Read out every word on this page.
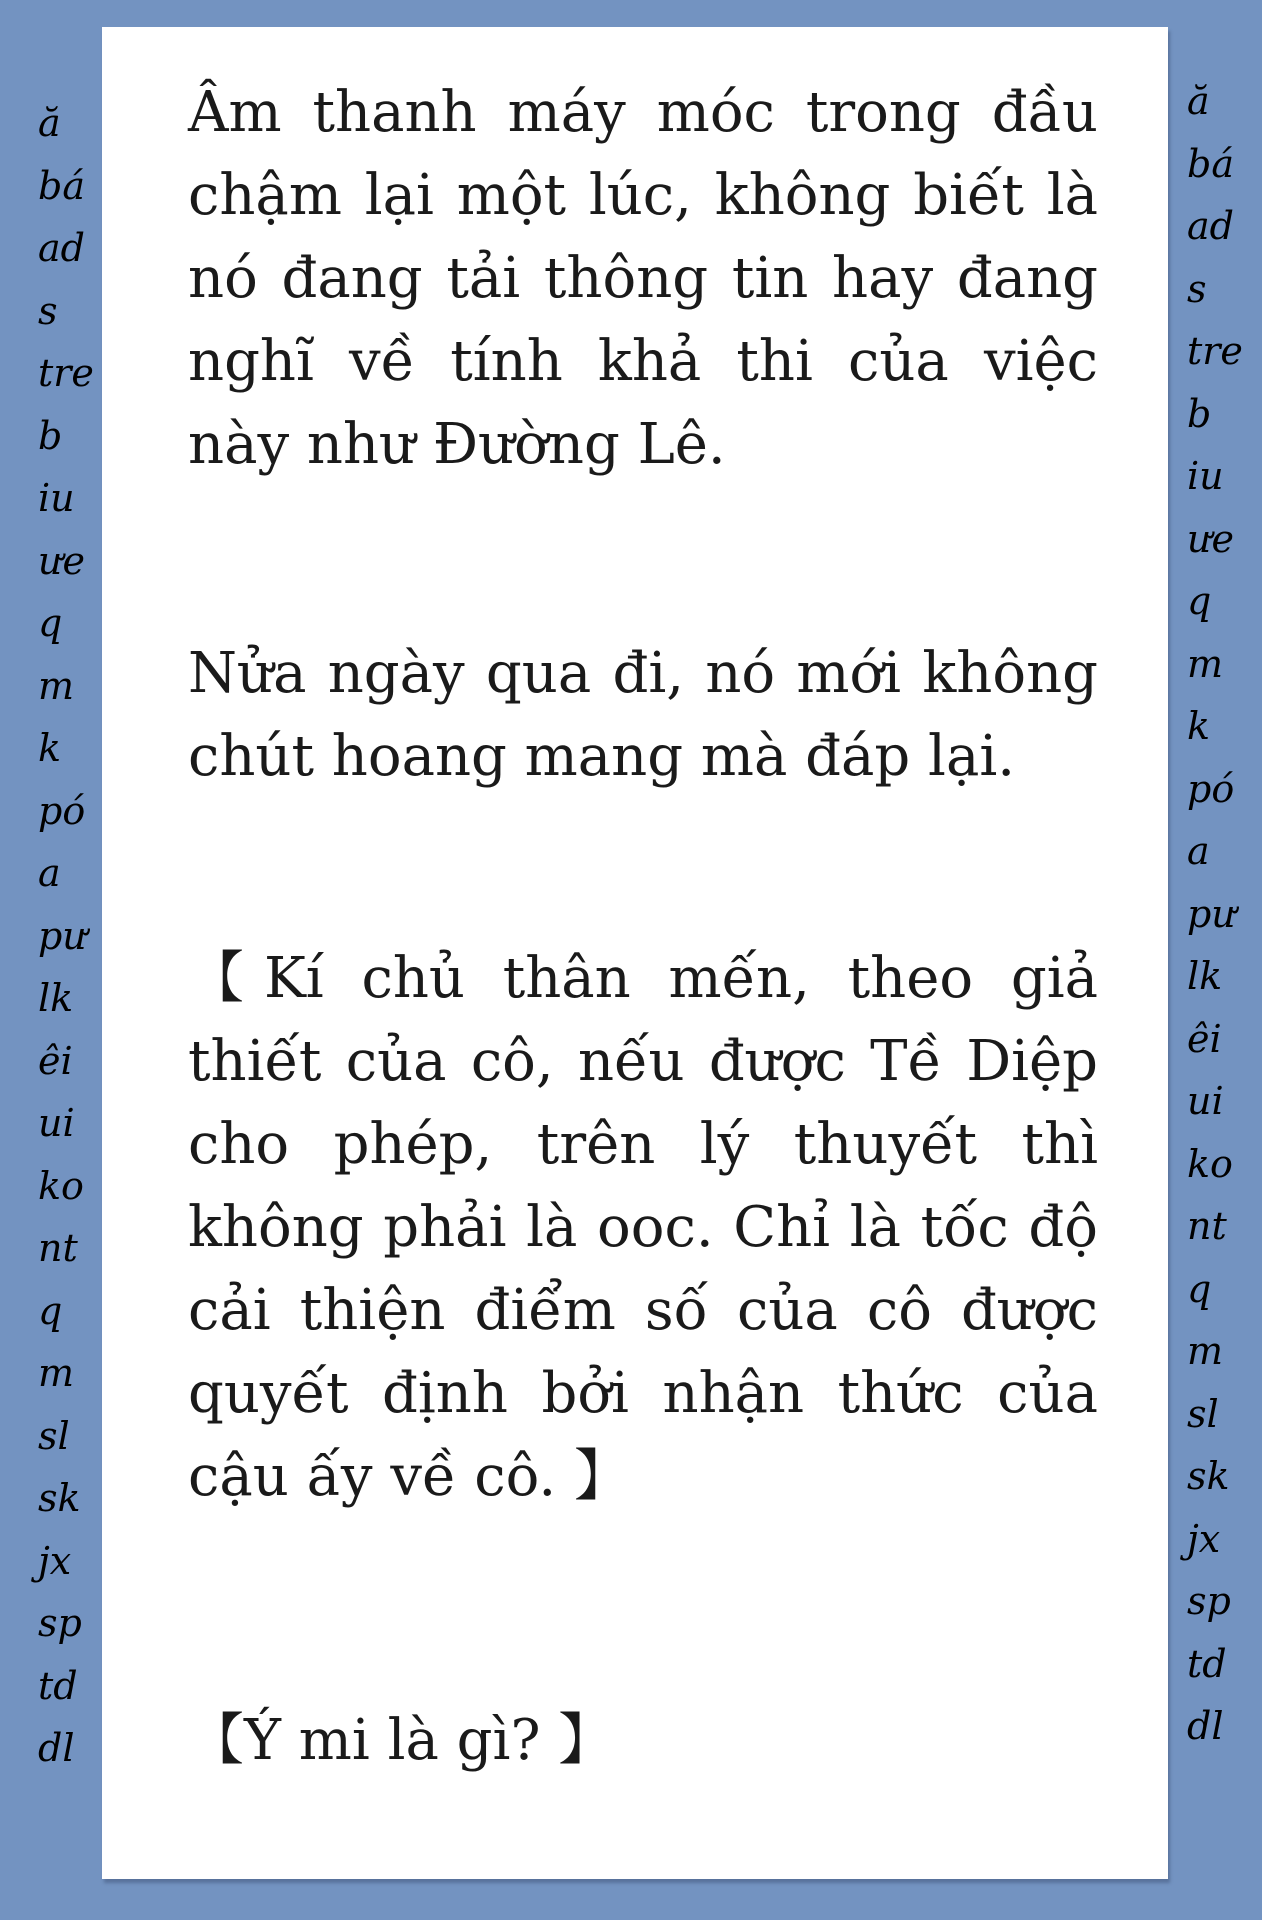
ă
bá
ad
s
tre
b
iu
ưe
q
m
k
pó
a
pư
lk
êi
ui
ko
nt
q
m
sl
sk
jx
sp
td
dl
ă
bá
ad
s
tre
b
iu
ưe
q
m
k
pó
a
pư
lk
êi
ui
ko
nt
q
m
sl
sk
jx
sp
td
dl

Âm thanh máy móc trong đầu chậm lại một lúc, không biết là nó đang tải thông tin hay đang nghĩ về tính khả thi của việc này như Đường Lê.

Nửa ngày qua đi, nó mới không chút hoang mang mà đáp lại.

【Kí chủ thân mến, theo giả thiết của cô, nếu được Tề Diệp cho phép, trên lý thuyết thì không phải là ooc. Chỉ là tốc độ cải thiện điểm số của cô được quyết định bởi nhận thức của cậu ấy về cô. 】

【Ý mi là gì? 】
